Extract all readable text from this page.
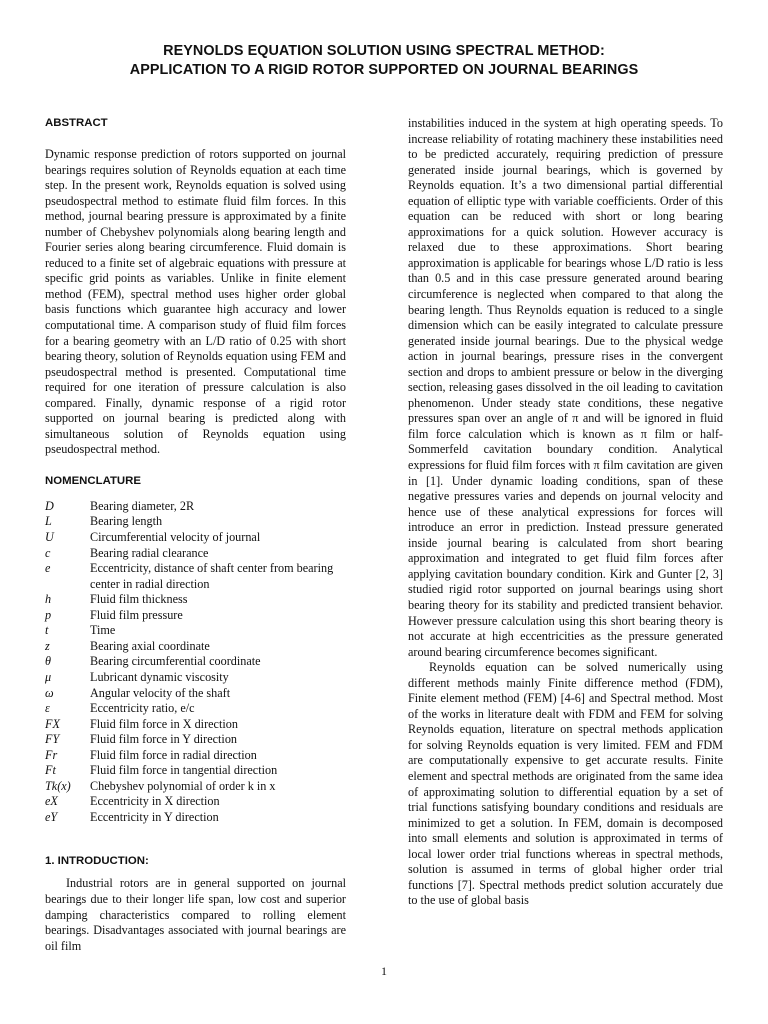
REYNOLDS EQUATION SOLUTION USING SPECTRAL METHOD:
APPLICATION TO A RIGID ROTOR SUPPORTED ON JOURNAL BEARINGS
ABSTRACT

Dynamic response prediction of rotors supported on journal bearings requires solution of Reynolds equation at each time step. In the present work, Reynolds equation is solved using pseudospectral method to estimate fluid film forces. In this method, journal bearing pressure is approximated by a finite number of Chebyshev polynomials along bearing length and Fourier series along bearing circumference. Fluid domain is reduced to a finite set of algebraic equations with pressure at specific grid points as variables. Unlike in finite element method (FEM), spectral method uses higher order global basis functions which guarantee high accuracy and lower computational time. A comparison study of fluid film forces for a bearing geometry with an L/D ratio of 0.25 with short bearing theory, solution of Reynolds equation using FEM and pseudospectral method is presented. Computational time required for one iteration of pressure calculation is also compared. Finally, dynamic response of a rigid rotor supported on journal bearing is predicted along with simultaneous solution of Reynolds equation using pseudospectral method.

NOMENCLATURE
D	Bearing diameter, 2R
L	Bearing length
U	Circumferential velocity of journal
c	Bearing radial clearance
e	Eccentricity, distance of shaft center from bearing center in radial direction
h	Fluid film thickness
p	Fluid film pressure
t	Time
z	Bearing axial coordinate
θ	Bearing circumferential coordinate
μ	Lubricant dynamic viscosity
ω	Angular velocity of the shaft
ε	Eccentricity ratio, e/c
FX	Fluid film force in X direction
FY	Fluid film force in Y direction
Fr	Fluid film force in radial direction
Ft	Fluid film force in tangential direction
Tk(x)	Chebyshev polynomial of order k in x
eX	Eccentricity in X direction
eY	Eccentricity in Y direction
1. INTRODUCTION:

Industrial rotors are in general supported on journal bearings due to their longer life span, low cost and superior damping characteristics compared to rolling element bearings. Disadvantages associated with journal bearings are oil film

instabilities induced in the system at high operating speeds. To increase reliability of rotating machinery these instabilities need to be predicted accurately, requiring prediction of pressure generated inside journal bearings, which is governed by Reynolds equation. It’s a two dimensional partial differential equation of elliptic type with variable coefficients. Order of this equation can be reduced with short or long bearing approximations for a quick solution. However accuracy is relaxed due to these approximations. Short bearing approximation is applicable for bearings whose L/D ratio is less than 0.5 and in this case pressure generated around bearing circumference is neglected when compared to that along the bearing length. Thus Reynolds equation is reduced to a single dimension which can be easily integrated to calculate pressure generated inside journal bearings. Due to the physical wedge action in journal bearings, pressure rises in the convergent section and drops to ambient pressure or below in the diverging section, releasing gases dissolved in the oil leading to cavitation phenomenon. Under steady state conditions, these negative pressures span over an angle of π and will be ignored in fluid film force calculation which is known as π film or half- Sommerfeld cavitation boundary condition. Analytical expressions for fluid film forces with π film cavitation are given in [1]. Under dynamic loading conditions, span of these negative pressures varies and depends on journal velocity and hence use of these analytical expressions for forces will introduce an error in prediction. Instead pressure generated inside journal bearing is calculated from short bearing approximation and integrated to get fluid film forces after applying cavitation boundary condition. Kirk and Gunter [2, 3] studied rigid rotor supported on journal bearings using short bearing theory for its stability and predicted transient behavior. However pressure calculation using this short bearing theory is not accurate at high eccentricities as the pressure generated around bearing circumference becomes significant.

Reynolds equation can be solved numerically using different methods mainly Finite difference method (FDM), Finite element method (FEM) [4-6] and Spectral method. Most of the works in literature dealt with FDM and FEM for solving Reynolds equation, literature on spectral methods application for solving Reynolds equation is very limited. FEM and FDM are computationally expensive to get accurate results. Finite element and spectral methods are originated from the same idea of approximating solution to differential equation by a set of trial functions satisfying boundary conditions and residuals are minimized to get a solution. In FEM, domain is decomposed into small elements and solution is approximated in terms of local lower order trial functions whereas in spectral methods, solution is assumed in terms of global higher order trial functions [7]. Spectral methods predict solution accurately due to the use of global basis

1
